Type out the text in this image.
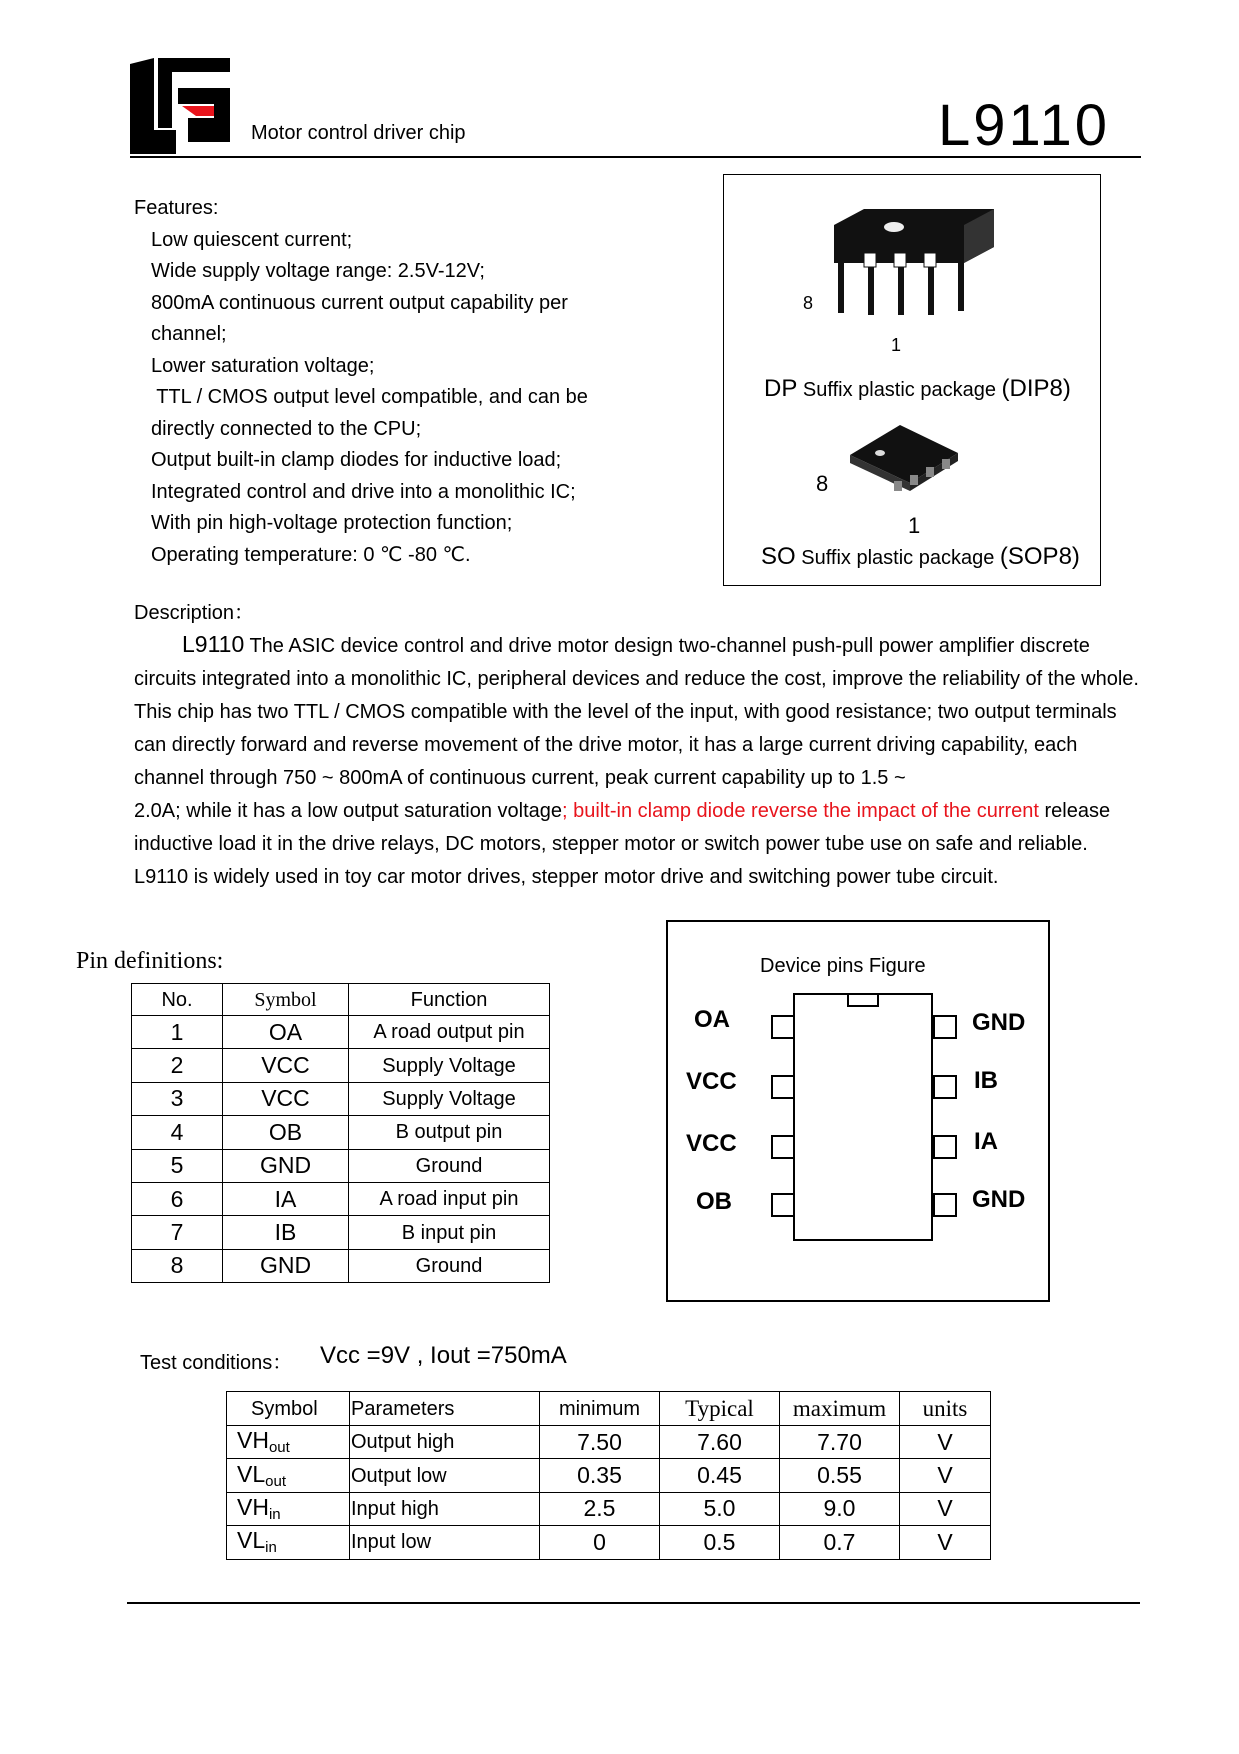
Motor control driver chip	L9110
Features:
Low quiescent current;
Wide supply voltage range: 2.5V-12V;
800mA continuous current output capability per
channel;
Lower saturation voltage;
TTL / CMOS output level compatible, and can be
directly connected to the CPU;
Output built-in clamp diodes for inductive load;
Integrated control and drive into a monolithic IC;
With pin high-voltage protection function;
Operating temperature: 0 ℃ -80 ℃.
8
1
DP Suffix plastic package (DIP8)
8
1
SO Suffix plastic package (SOP8)
Description：
L9110 The ASIC device control and drive motor design two-channel push-pull power amplifier discrete circuits integrated into a monolithic IC, peripheral devices and reduce the cost, improve the reliability of the whole. This chip has two TTL / CMOS compatible with the level of the input, with good resistance; two output terminals can directly forward and reverse movement of the drive motor, it has a large current driving capability, each channel through 750 ~ 800mA of continuous current, peak current capability up to 1.5 ~
2.0A; while it has a low output saturation voltage; built-in clamp diode reverse the impact of the current release inductive load it in the drive relays, DC motors, stepper motor or switch power tube use on safe and reliable. L9110 is widely used in toy car motor drives, stepper motor drive and switching power tube circuit.
Pin definitions:
No.	Symbol	Function
1	OA	A road output pin
2	VCC	Supply Voltage
3	VCC	Supply Voltage
4	OB	B output pin
5	GND	Ground
6	IA	A road input pin
7	IB	B input pin
8	GND	Ground
Device pins Figure
OA
VCC
VCC
OB
GND
IB
IA
GND
Test conditions： Vcc =9V , Iout =750mA
Symbol	Parameters	minimum	Typical	maximum	units
$VH_{out}$	Output high	7.50	7.60	7.70	V
$VL_{out}$	Output low	0.35	0.45	0.55	V
$VH_{in}$	Input high	2.5	5.0	9.0	V
$VL_{in}$	Input low	0	0.5	0.7	V
